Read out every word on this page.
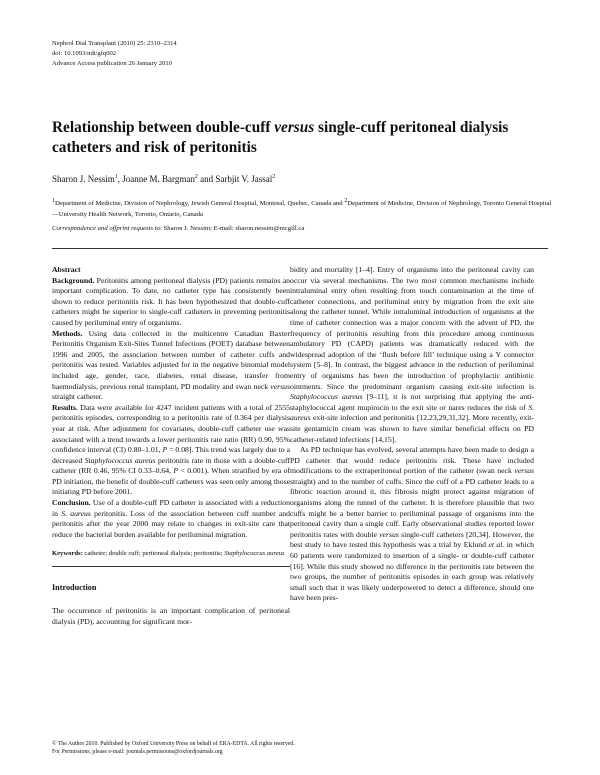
Nephrol Dial Transplant (2010) 25: 2310–2314
doi: 10.1093/ndt/gfq002
Advance Access publication 26 January 2010
Relationship between double-cuff versus single-cuff peritoneal dialysis catheters and risk of peritonitis
Sharon J. Nessim$^1$, Joanne M. Bargman$^2$ and Sarbjit V. Jassal$^2$
$^1$Department of Medicine, Division of Nephrology, Jewish General Hospital, Montreal, Quebec, Canada and $^2$Department of Medicine, Division of Nephrology, Toronto General Hospital—University Health Network, Toronto, Ontario, Canada
Correspondence and offprint requests to: Sharon J. Nessim; E-mail: sharon.nessim@mcgill.ca

Abstract

Background. Peritonitis among peritoneal dialysis (PD) patients remains an important complication. To date, no catheter type has consistently been shown to reduce peritonitis risk. It has been hypothesized that double-cuff catheters might be superior to single-cuff catheters in preventing peritonitis caused by periluminal entry of organisms.

Methods. Using data collected in the multicentre Canadian Baxter Peritonitis Organism Exit-Sites Tunnel Infections (POET) database between 1996 and 2005, the association between number of catheter cuffs and peritonitis was tested. Variables adjusted for in the negative binomial model included age, gender, race, diabetes, renal disease, transfer from haemodialysis, previous renal transplant, PD modality and swan neck versus straight catheter.

Results. Data were available for 4247 incident patients with a total of 2555 peritonitis episodes, corresponding to a peritonitis rate of 0.364 per dialysis year at risk. After adjustment for covariates, double-cuff catheter use was associated with a trend towards a lower peritonitis rate ratio (RR) 0.90, 95% confidence interval (CI) 0.80–1.01, P = 0.08]. This trend was largely due to a decreased Staphylococcus aureus peritonitis rate in those with a double-cuff catheter (RR 0.46, 95% CI 0.33–0.64, P < 0.001). When stratified by era of PD initiation, the benefit of double-cuff catheters was seen only among those initiating PD before 2001.

Conclusion. Use of a double-cuff PD catheter is associated with a reduction in S. aureus peritonitis. Loss of the association between cuff number and peritonitis after the year 2000 may relate to changes in exit-site care that reduce the bacterial burden available for periluminal migration.

Keywords: catheter; double cuff; peritoneal dialysis; peritonitis; Staphylococcus aureus

Introduction

The occurrence of peritonitis is an important complication of peritoneal dialysis (PD), accounting for significant mor-

bidity and mortality [1–4]. Entry of organisms into the peritoneal cavity can occur via several mechanisms. The two most common mechanisms include intraluminal entry often resulting from touch contamination at the time of catheter connections, and periluminal entry by migration from the exit site along the catheter tunnel. While intraluminal introduction of organisms at the time of catheter connection was a major concern with the advent of PD, the frequency of peritonitis resulting from this procedure among continuous ambulatory PD (CAPD) patients was dramatically reduced with the widespread adoption of the ‘flush before fill’ technique using a Y connector system [5–8]. In contrast, the biggest advance in the reduction of periluminal entry of organisms has been the introduction of prophylactic antibiotic ointments. Since the predominant organism causing exit-site infection is Staphylococcus aureus [9–11], it is not surprising that applying the anti-staphylococcal agent mupirocin to the exit site or nares reduces the risk of S. aureus exit-site infection and peritonitis [12,23,29,31,32]. More recently, exit-site gentamicin cream was shown to have similar beneficial effects on PD catheter-related infections [14,15].

As PD technique has evolved, several attempts have been made to design a PD catheter that would reduce peritonitis risk. These have included modifications to the extraperitoneal portion of the catheter (swan neck versus straight) and to the number of cuffs. Since the cuff of a PD catheter leads to a fibrotic reaction around it, this fibrosis might protect against migration of organisms along the tunnel of the catheter. It is therefore plausible that two cuffs might be a better barrier to periluminal passage of organisms into the peritoneal cavity than a single cuff. Early observational studies reported lower peritonitis rates with double versus single-cuff catheters [20,34]. However, the best study to have tested this hypothesis was a trial by Eklund et al. in which 60 patients were randomized to insertion of a single- or double-cuff catheter [16]. While this study showed no difference in the peritonitis rate between the two groups, the number of peritonitis episodes in each group was relatively small such that it was likely underpowered to detect a difference, should one have been pres-

© The Author 2010. Published by Oxford University Press on behalf of ERA-EDTA. All rights reserved.
For Permissions, please e-mail: journals.permissions@oxfordjournals.org
